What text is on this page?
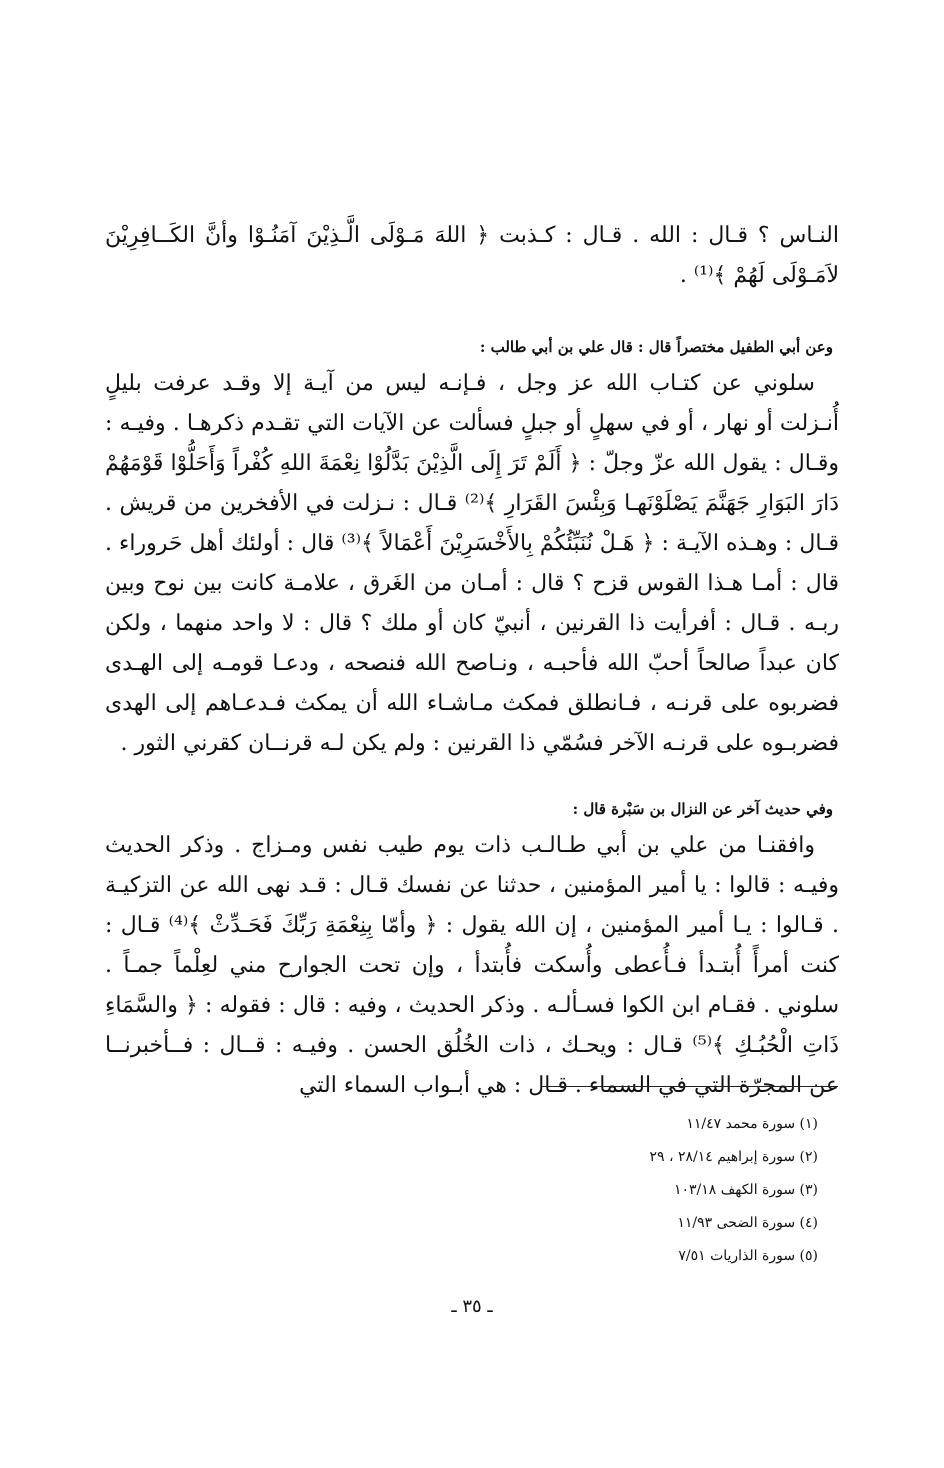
النـاس ؟ قـال : الله . قـال : كـذبت ﴿ اللهَ مَـوْلَى الَّـذِيْنَ آمَنُـوْا وأنَّ الكَــافِرِيْنَ لاَمَـوْلَى لَهُمْ ﴾⁽¹⁾ .

وعن أبي الطفيل مختصراً قال : قال علي بن أبي طالب :

سلوني عن كتـاب الله عز وجل ، فـإنـه ليس من آيـة إلا وقـد عرفت بليلٍ أُنـزلت أو نهار ، أو في سهلٍ أو جبلٍ فسألت عن الآيات التي تقـدم ذكرهـا . وفيـه : وقـال : يقول الله عزّ وجلّ : ﴿ أَلَمْ تَرَ إِلَى الَّذِيْنَ بَدَّلُوْا نِعْمَةَ اللهِ كُفْراً وَأَحَلُّوْا قَوْمَهُمْ دَارَ البَوَارِ جَهَنَّمَ يَصْلَوْنَهـا وَبِئْسَ القَرَارِ ﴾⁽²⁾ قـال : نـزلت في الأفخرين من قريش . قـال : وهـذه الآيـة : ﴿ هَـلْ نُنَبِّئُكُمْ بِالأَخْسَرِيْنَ أَعْمَالاً ﴾⁽³⁾ قال : أولئك أهل حَروراء . قال : أمـا هـذا القوس قزح ؟ قال : أمـان من الغَرق ، علامـة كانت بين نوح وبين ربـه . قـال : أفرأيت ذا القرنين ، أنبيّ كان أو ملك ؟ قال : لا واحد منهما ، ولكن كان عبداً صالحاً أحبّ الله فأحبـه ، ونـاصح الله فنصحه ، ودعـا قومـه إلى الهـدى فضربوه على قرنـه ، فـانطلق فمكث مـاشـاء الله أن يمكث فـدعـاهم إلى الهدى فضربـوه على قرنـه الآخر فسُمّي ذا القرنين : ولم يكن لـه قرنــان كقرني الثور .

وفي حديث آخر عن النزال بن سَبْرة قال :

وافقنـا من علي بن أبي طـالـب ذات يوم طيب نفس ومـزاج . وذكر الحديث وفيـه : قالوا : يا أمير المؤمنين ، حدثنا عن نفسك قـال : قـد نهى الله عن التزكيـة . قـالوا : يـا أمير المؤمنين ، إن الله يقول : ﴿ وأمّا بِنِعْمَةِ رَبِّكَ فَحَـدِّثْ ﴾⁽⁴⁾ قـال : كنت أمرأً أُبتـدأ فـأُعطى وأُسكت فأُبتدأ ، وإن تحت الجوارح مني لعِلْماً جمـاً . سلوني . فقـام ابن الكوا فسـألـه . وذكر الحديث ، وفيه : قال : فقوله : ﴿ والسَّمَاءِ ذَاتِ الْحُبُـكِ ﴾⁽⁵⁾ قـال : ويحـك ، ذات الخُلُق الحسن . وفيـه : قــال : فــأخبرنــا عن المجرّة التي في السماء . قـال : هي أبـواب السماء التي

(١) سورة محمد ١١/٤٧
(٢) سورة إبراهيم ٢٨/١٤ ، ٢٩
(٣) سورة الكهف ١٠٣/١٨
(٤) سورة الضحى ١١/٩٣
(٥) سورة الذاريات ٧/٥١
ـ ٣٥ ـ
